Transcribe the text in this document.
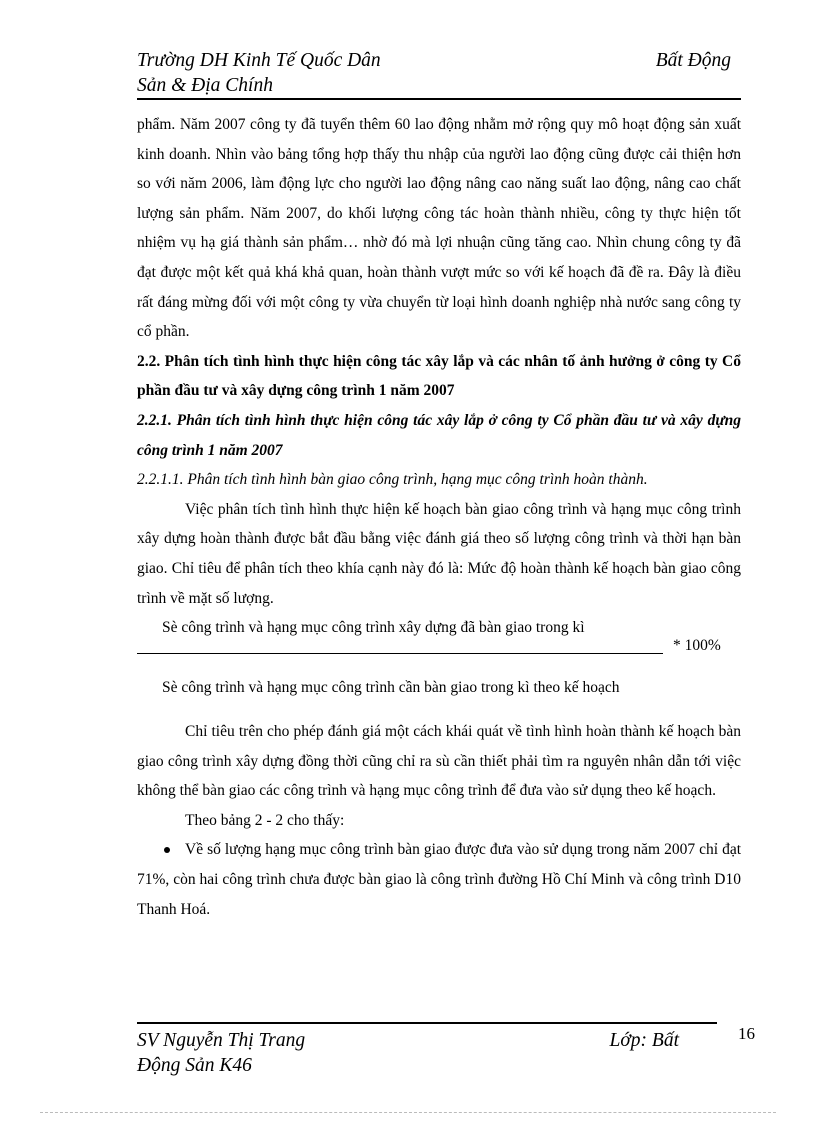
Trường DH Kinh Tế Quốc Dân	Bất Động
Sản & Địa Chính

phẩm. Năm 2007 công ty đã tuyển thêm 60 lao động nhằm mở rộng quy mô hoạt động sản xuất kinh doanh. Nhìn vào bảng tổng hợp thấy thu nhập của người lao động cũng được cải thiện hơn so với năm 2006, làm động lực cho người lao động nâng cao năng suất lao động, nâng cao chất lượng sản phẩm. Năm 2007, do khối lượng công tác hoàn thành nhiều, công ty thực hiện tốt nhiệm vụ hạ giá thành sản phẩm… nhờ đó mà lợi nhuận cũng tăng cao. Nhìn chung công ty đã đạt được một kết quả khá khả quan, hoàn thành vượt mức so với kế hoạch đã đề ra. Đây là điều rất đáng mừng đối với một công ty vừa chuyển từ loại hình doanh nghiệp nhà nước sang công ty cổ phần.

2.2. Phân tích tình hình thực hiện công tác xây lắp và các nhân tố ảnh hưởng ở công ty Cổ phần đầu tư và xây dựng công trình 1 năm 2007

2.2.1. Phân tích tình hình thực hiện công tác xây lắp ở công ty Cổ phần đầu tư và xây dựng công trình 1 năm 2007

2.2.1.1. Phân tích tình hình bàn giao công trình, hạng mục công trình hoàn thành.

Việc phân tích tình hình thực hiện kế hoạch bàn giao công trình và hạng mục công trình xây dựng hoàn thành được bắt đầu bằng việc đánh giá theo số lượng công trình và thời hạn bàn giao. Chỉ tiêu để phân tích theo khía cạnh này đó là: Mức độ hoàn thành kế hoạch bàn giao công trình về mặt số lượng.

Sè công trình và hạng mục công trình xây dựng đã bàn giao trong kì
* 100%
Sè công trình và hạng mục công trình cần bàn giao trong kì theo kế hoạch

Chỉ tiêu trên cho phép đánh giá một cách khái quát về tình hình hoàn thành kế hoạch bàn giao công trình xây dựng đồng thời cũng chỉ ra sù cần thiết phải tìm ra nguyên nhân dẫn tới việc không thể bàn giao các công trình và hạng mục công trình để đưa vào sử dụng theo kế hoạch.

Theo bảng 2 - 2 cho thấy:

Về số lượng hạng mục công trình bàn giao được đưa vào sử dụng trong năm 2007 chỉ đạt 71%, còn hai công trình chưa được bàn giao là công trình đường Hồ Chí Minh và công trình D10 Thanh Hoá.
SV Nguyễn Thị Trang	Lớp: Bất
Động Sản K46
16
